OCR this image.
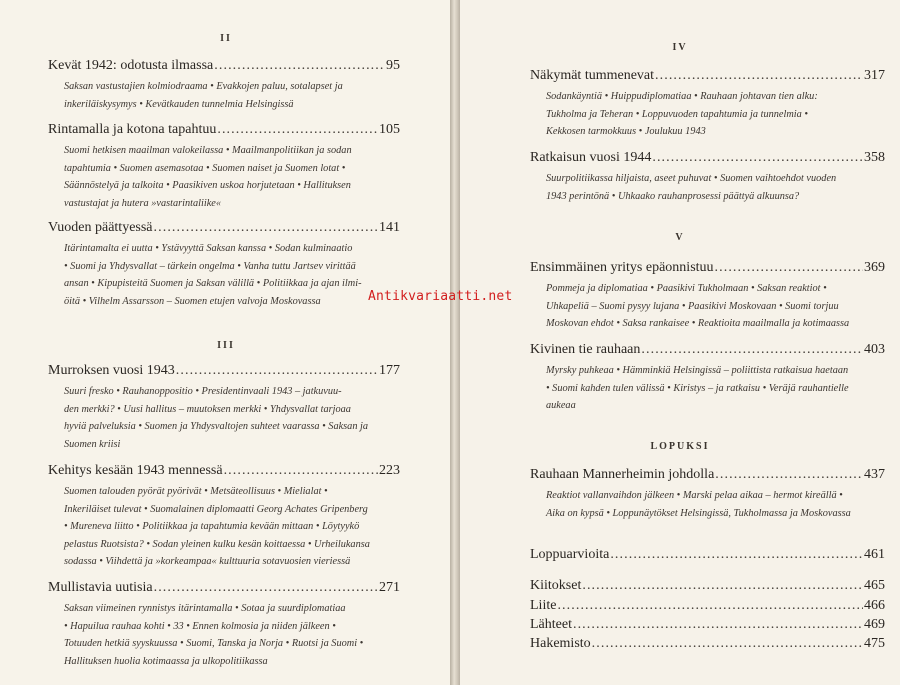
II
Kevät 1942: odotusta ilmassa . . .	95
Saksan vastustajien kolmiodraama • Evakkojen paluu, sotalapset ja
inkeriläiskysymys • Kevätkauden tunnelmia Helsingissä
Rintamalla ja kotona tapahtuu . . .	105
Suomi hetkisen maailman valokeilassa • Maailmanpolitiikan ja sodan
tapahtumia • Suomen asemasotaa • Suomen naiset ja Suomen lotat •
Säännöstelyä ja talkoita • Paasikiven uskoa horjutetaan • Hallituksen
vastustajat ja hutera »vastarintaliike«
Vuoden päättyessä . . .	141
Itärintamalta ei uutta • Ystävyyttä Saksan kanssa • Sodan kulminaatio
• Suomi ja Yhdysvallat – tärkein ongelma • Vanha tuttu Jartsev virittää
ansan • Kipupisteitä Suomen ja Saksan välillä • Politiikkaa ja ajan ilmi-
öitä • Vilhelm Assarsson – Suomen etujen valvoja Moskovassa
III
Murroksen vuosi 1943 . . .	177
Suuri fresko • Rauhanoppositio • Presidentinvaali 1943 – jatkuvuu-
den merkki? • Uusi hallitus – muutoksen merkki • Yhdysvallat tarjoaa
hyviä palveluksia • Suomen ja Yhdysvaltojen suhteet vaarassa • Saksan ja
Suomen kriisi
Kehitys kesään 1943 mennessä . . .	223
Suomen talouden pyörät pyörivät • Metsäteollisuus • Mielialat •
Inkeriläiset tulevat • Suomalainen diplomaatti Georg Achates Gripenberg
• Mureneva liitto • Politiikkaa ja tapahtumia kevään mittaan • Löytyykö
pelastus Ruotsista? • Sodan yleinen kulku kesän koittaessa • Urheilukansa
sodassa • Viihdettä ja »korkeampaa« kulttuuria sotavuosien vieriessä
Mullistavia uutisia . . .	271
Saksan viimeinen rynnistys itärintamalla • Sotaa ja suurdiplomatiaa
• Hapuilua rauhaa kohti • 33 • Ennen kolmosia ja niiden jälkeen •
Totuuden hetkiä syyskuussa • Suomi, Tanska ja Norja • Ruotsi ja Suomi •
Hallituksen huolia kotimaassa ja ulkopolitiikassa
IV
Näkymät tummenevat . . .	317
Sodankäyntiä • Huippudiplomatiaa • Rauhaan johtavan tien alku:
Tukholma ja Teheran • Loppuvuoden tapahtumia ja tunnelmia •
Kekkosen tarmokkuus • Joulukuu 1943
Ratkaisun vuosi 1944 . . .	358
Suurpolitiikassa hiljaista, aseet puhuvat • Suomen vaihtoehdot vuoden
1943 perintönä • Uhkaako rauhanprosessi päättyä alkuunsa?
V
Ensimmäinen yritys epäonnistuu . . .	369
Pommeja ja diplomatiaa • Paasikivi Tukholmaan • Saksan reaktiot •
Uhkapeliä – Suomi pysyy lujana • Paasikivi Moskovaan • Suomi torjuu
Moskovan ehdot • Saksa rankaisee • Reaktioita maailmalla ja kotimaassa
Kivinen tie rauhaan . . .	403
Myrsky puhkeaa • Hämminkiä Helsingissä – poliittista ratkaisua haetaan
• Suomi kahden tulen välissä • Kiristys – ja ratkaisu • Veräjä rauhantielle
aukeaa
LOPUKSI
Rauhaan Mannerheimin johdolla . . .	437
Reaktiot vallanvaihdon jälkeen • Marski pelaa aikaa – hermot kireällä •
Aika on kypsä • Loppunäytökset Helsingissä, Tukholmassa ja Moskovassa
Loppuarvioita . . .	461
Kiitokset . . .	465
Liite . . .	466
Lähteet . . .	469
Hakemisto . . .	475
Antikvariaatti.net
